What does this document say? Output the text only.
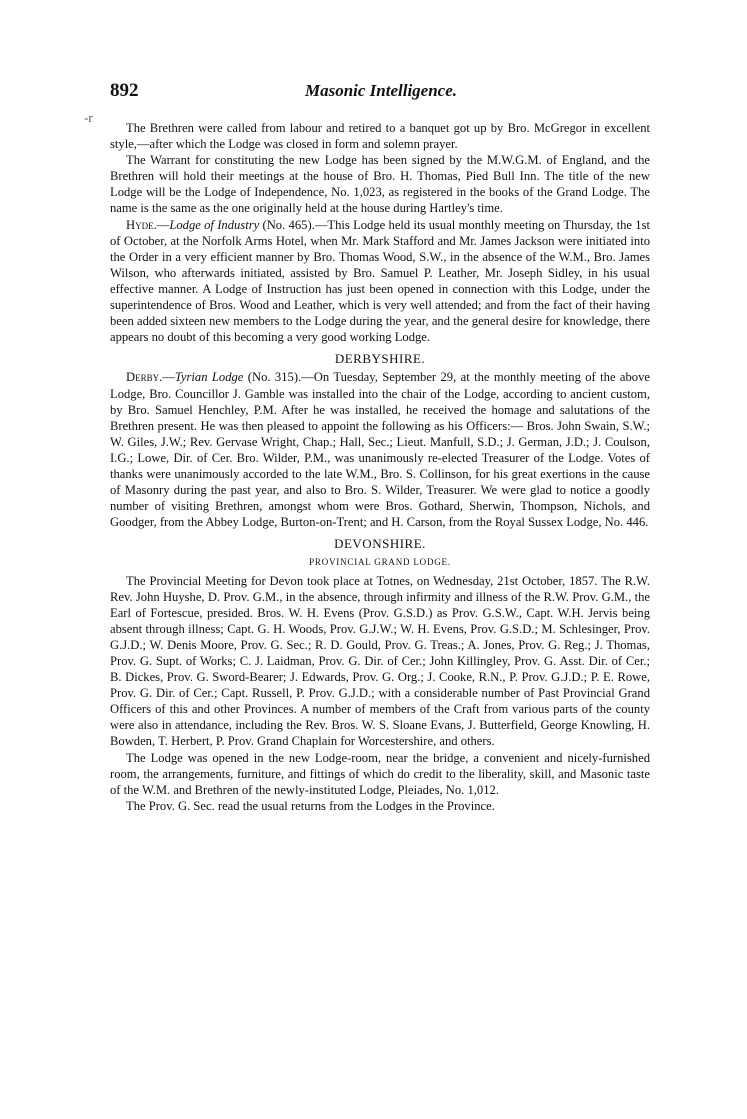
892	Masonic Intelligence.
-r

The Brethren were called from labour and retired to a banquet got up by Bro. McGregor in excellent style,—after which the Lodge was closed in form and solemn prayer.

The Warrant for constituting the new Lodge has been signed by the M.W.G.M. of England, and the Brethren will hold their meetings at the house of Bro. H. Thomas, Pied Bull Inn. The title of the new Lodge will be the Lodge of Independence, No. 1,023, as registered in the books of the Grand Lodge. The name is the same as the one originally held at the house during Hartley's time.

Hyde.—Lodge of Industry (No. 465).—This Lodge held its usual monthly meeting on Thursday, the 1st of October, at the Norfolk Arms Hotel, when Mr. Mark Stafford and Mr. James Jackson were initiated into the Order in a very efficient manner by Bro. Thomas Wood, S.W., in the absence of the W.M., Bro. James Wilson, who afterwards initiated, assisted by Bro. Samuel P. Leather, Mr. Joseph Sidley, in his usual effective manner. A Lodge of Instruction has just been opened in connection with this Lodge, under the superintendence of Bros. Wood and Leather, which is very well attended; and from the fact of their having been added sixteen new members to the Lodge during the year, and the general desire for knowledge, there appears no doubt of this becoming a very good working Lodge.

DERBYSHIRE.

Derby.—Tyrian Lodge (No. 315).—On Tuesday, September 29, at the monthly meeting of the above Lodge, Bro. Councillor J. Gamble was installed into the chair of the Lodge, according to ancient custom, by Bro. Samuel Henchley, P.M. After he was installed, he received the homage and salutations of the Brethren present. He was then pleased to appoint the following as his Officers:— Bros. John Swain, S.W.; W. Giles, J.W.; Rev. Gervase Wright, Chap.; Hall, Sec.; Lieut. Manfull, S.D.; J. German, J.D.; J. Coulson, I.G.; Lowe, Dir. of Cer. Bro. Wilder, P.M., was unanimously re-elected Treasurer of the Lodge. Votes of thanks were unanimously accorded to the late W.M., Bro. S. Collinson, for his great exertions in the cause of Masonry during the past year, and also to Bro. S. Wilder, Treasurer. We were glad to notice a goodly number of visiting Brethren, amongst whom were Bros. Gothard, Sherwin, Thompson, Nichols, and Goodger, from the Abbey Lodge, Burton-on-Trent; and H. Carson, from the Royal Sussex Lodge, No. 446.

DEVONSHIRE.
PROVINCIAL GRAND LODGE.

The Provincial Meeting for Devon took place at Totnes, on Wednesday, 21st October, 1857. The R.W. Rev. John Huyshe, D. Prov. G.M., in the absence, through infirmity and illness of the R.W. Prov. G.M., the Earl of Fortescue, presided. Bros. W. H. Evens (Prov. G.S.D.) as Prov. G.S.W., Capt. W.H. Jervis being absent through illness; Capt. G. H. Woods, Prov. G.J.W.; W. H. Evens, Prov. G.S.D.; M. Schlesinger, Prov. G.J.D.; W. Denis Moore, Prov. G. Sec.; R. D. Gould, Prov. G. Treas.; A. Jones, Prov. G. Reg.; J. Thomas, Prov. G. Supt. of Works; C. J. Laidman, Prov. G. Dir. of Cer.; John Killingley, Prov. G. Asst. Dir. of Cer.; B. Dickes, Prov. G. Sword-Bearer; J. Edwards, Prov. G. Org.; J. Cooke, R.N., P. Prov. G.J.D.; P. E. Rowe, Prov. G. Dir. of Cer.; Capt. Russell, P. Prov. G.J.D.; with a considerable number of Past Provincial Grand Officers of this and other Provinces. A number of members of the Craft from various parts of the county were also in attendance, including the Rev. Bros. W. S. Sloane Evans, J. Butterfield, George Knowling, H. Bowden, T. Herbert, P. Prov. Grand Chaplain for Worcestershire, and others.

The Lodge was opened in the new Lodge-room, near the bridge, a convenient and nicely-furnished room, the arrangements, furniture, and fittings of which do credit to the liberality, skill, and Masonic taste of the W.M. and Brethren of the newly-instituted Lodge, Pleiades, No. 1,012.

The Prov. G. Sec. read the usual returns from the Lodges in the Province.
